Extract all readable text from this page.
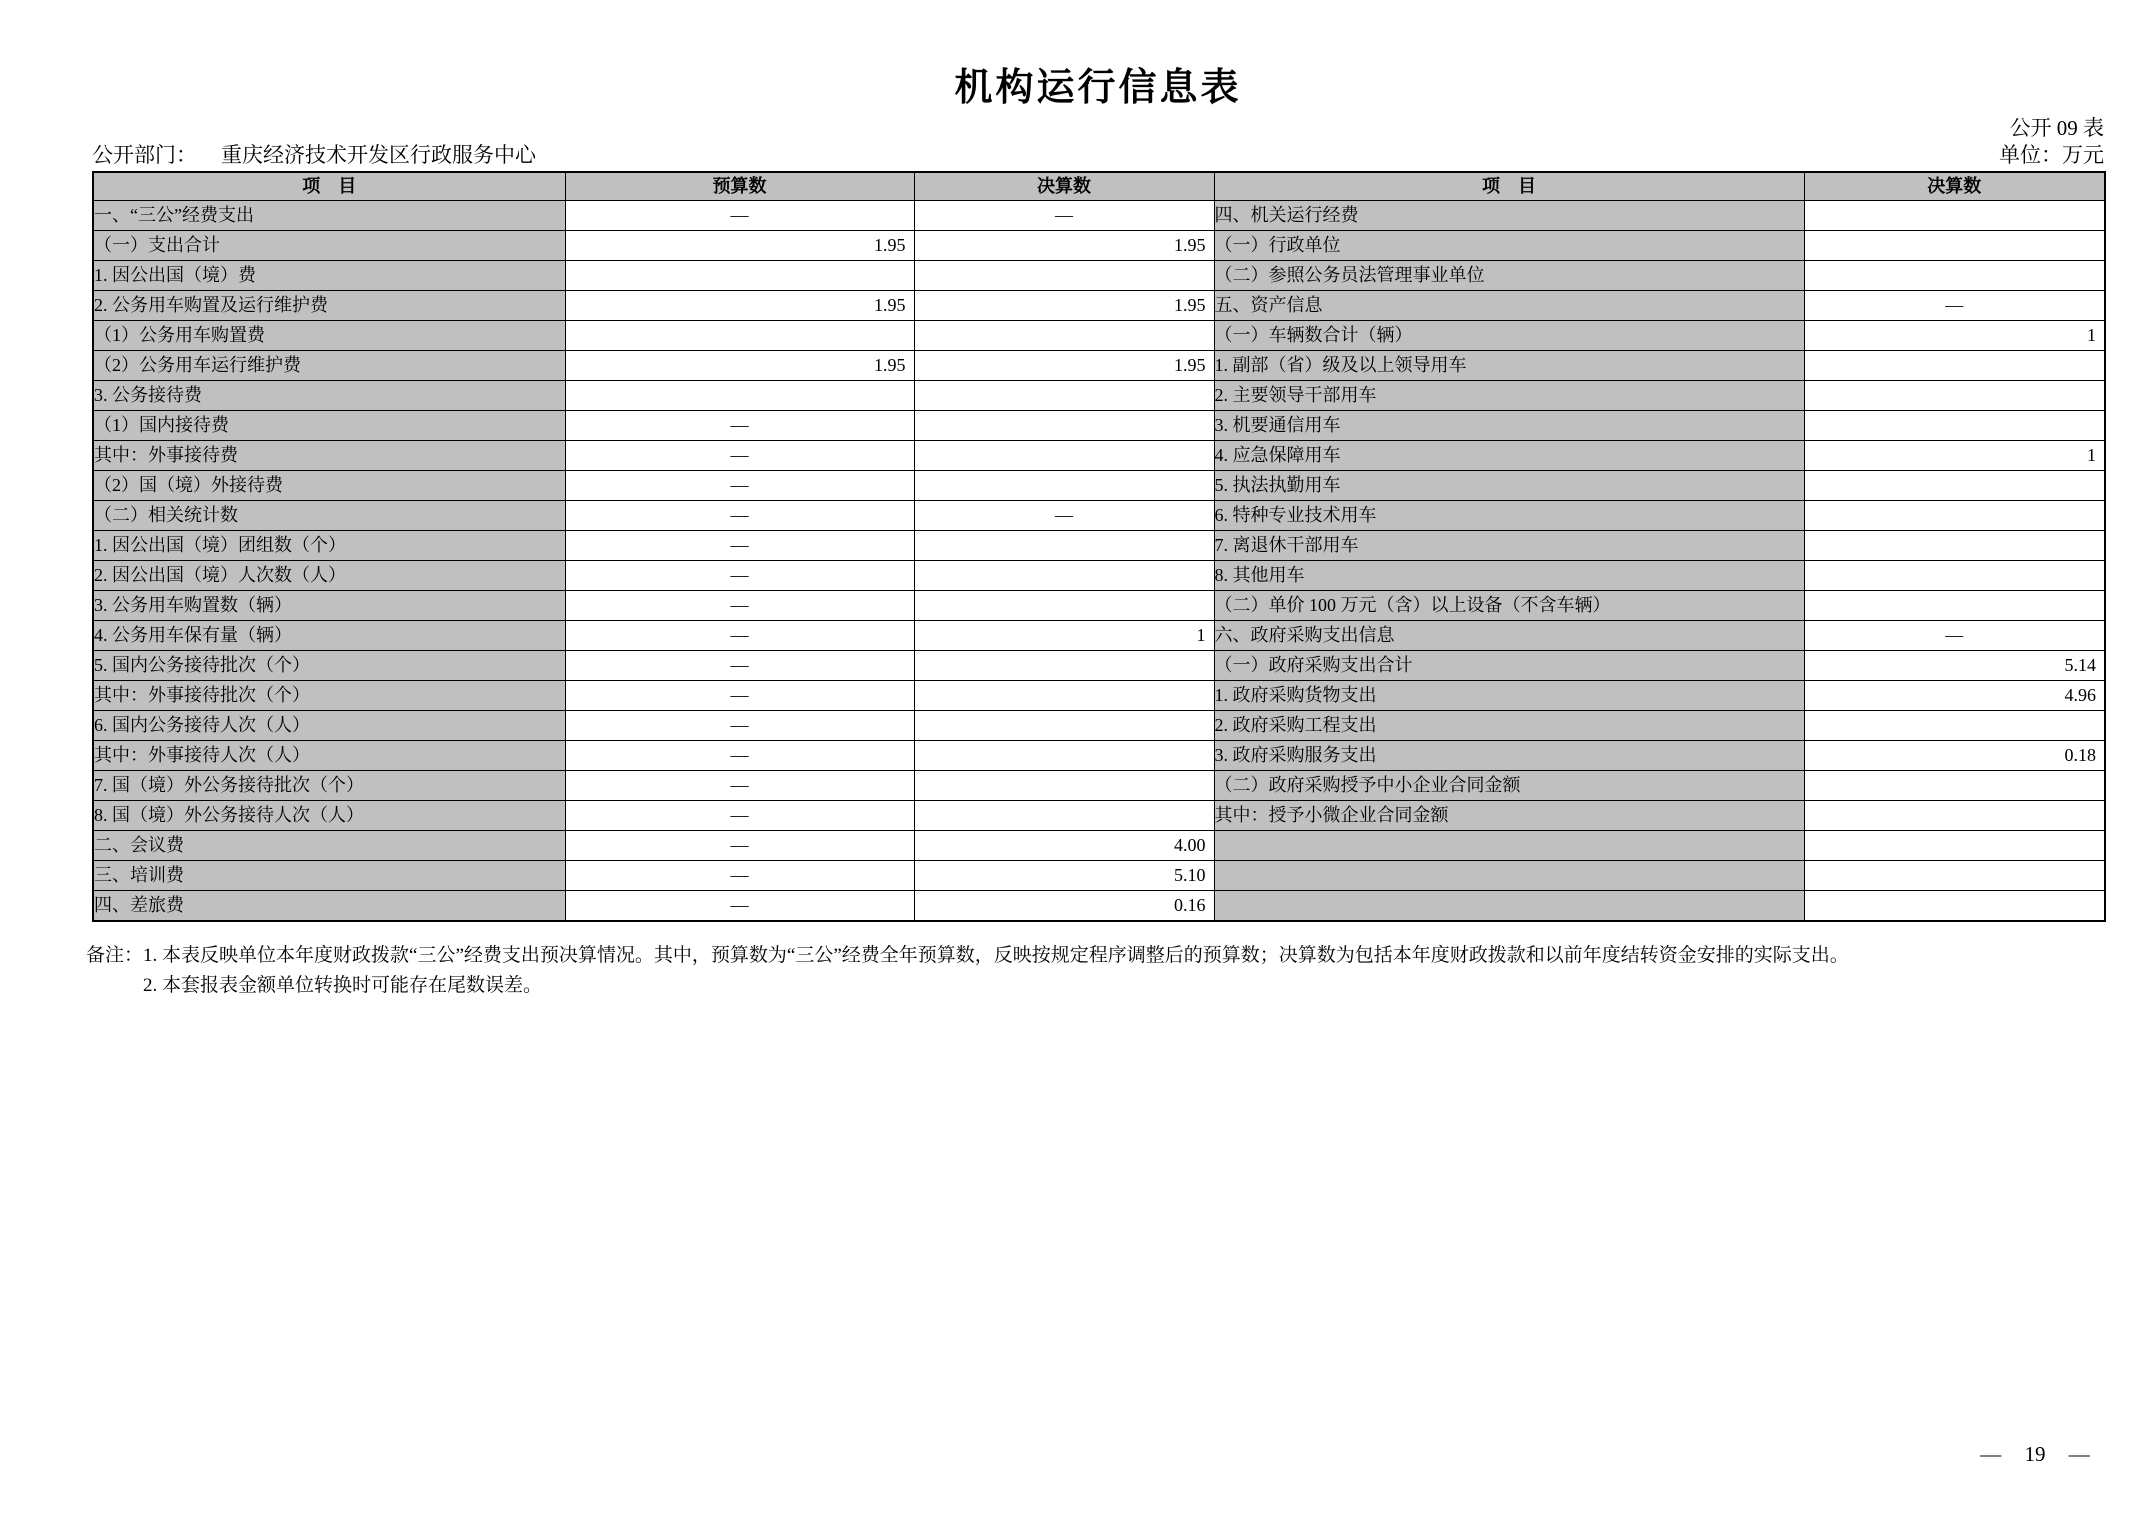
机构运行信息表
公开 09 表
公开部门： 重庆经济技术开发区行政服务中心	单位：万元
项　目	预算数	决算数	项　目	决算数
一、“三公”经费支出	—	—	四、机关运行经费	
（一）支出合计	1.95	1.95	（一）行政单位	
1. 因公出国（境）费			（二）参照公务员法管理事业单位	
2. 公务用车购置及运行维护费	1.95	1.95	五、资产信息	—
（1）公务用车购置费			（一）车辆数合计（辆）	1
（2）公务用车运行维护费	1.95	1.95	1. 副部（省）级及以上领导用车	
3. 公务接待费			2. 主要领导干部用车	
（1）国内接待费	—		3. 机要通信用车	
其中：外事接待费	—		4. 应急保障用车	1
（2）国（境）外接待费	—		5. 执法执勤用车	
（二）相关统计数	—	—	6. 特种专业技术用车	
1. 因公出国（境）团组数（个）	—		7. 离退休干部用车	
2. 因公出国（境）人次数（人）	—		8. 其他用车	
3. 公务用车购置数（辆）	—		（二）单价 100 万元（含）以上设备（不含车辆）	
4. 公务用车保有量（辆）	—	1	六、政府采购支出信息	—
5. 国内公务接待批次（个）	—		（一）政府采购支出合计	5.14
其中：外事接待批次（个）	—		1. 政府采购货物支出	4.96
6. 国内公务接待人次（人）	—		2. 政府采购工程支出	
其中：外事接待人次（人）	—		3. 政府采购服务支出	0.18
7. 国（境）外公务接待批次（个）	—		（二）政府采购授予中小企业合同金额	
8. 国（境）外公务接待人次（人）	—		其中：授予小微企业合同金额	
二、会议费	—	4.00		
三、培训费	—	5.10		
四、差旅费	—	0.16		
备注：1. 本表反映单位本年度财政拨款“三公”经费支出预决算情况。其中，预算数为“三公”经费全年预算数，反映按规定程序调整后的预算数；决算数为包括本年度财政拨款和以前年度结转资金安排的实际支出。
2. 本套报表金额单位转换时可能存在尾数误差。
— 19 —
